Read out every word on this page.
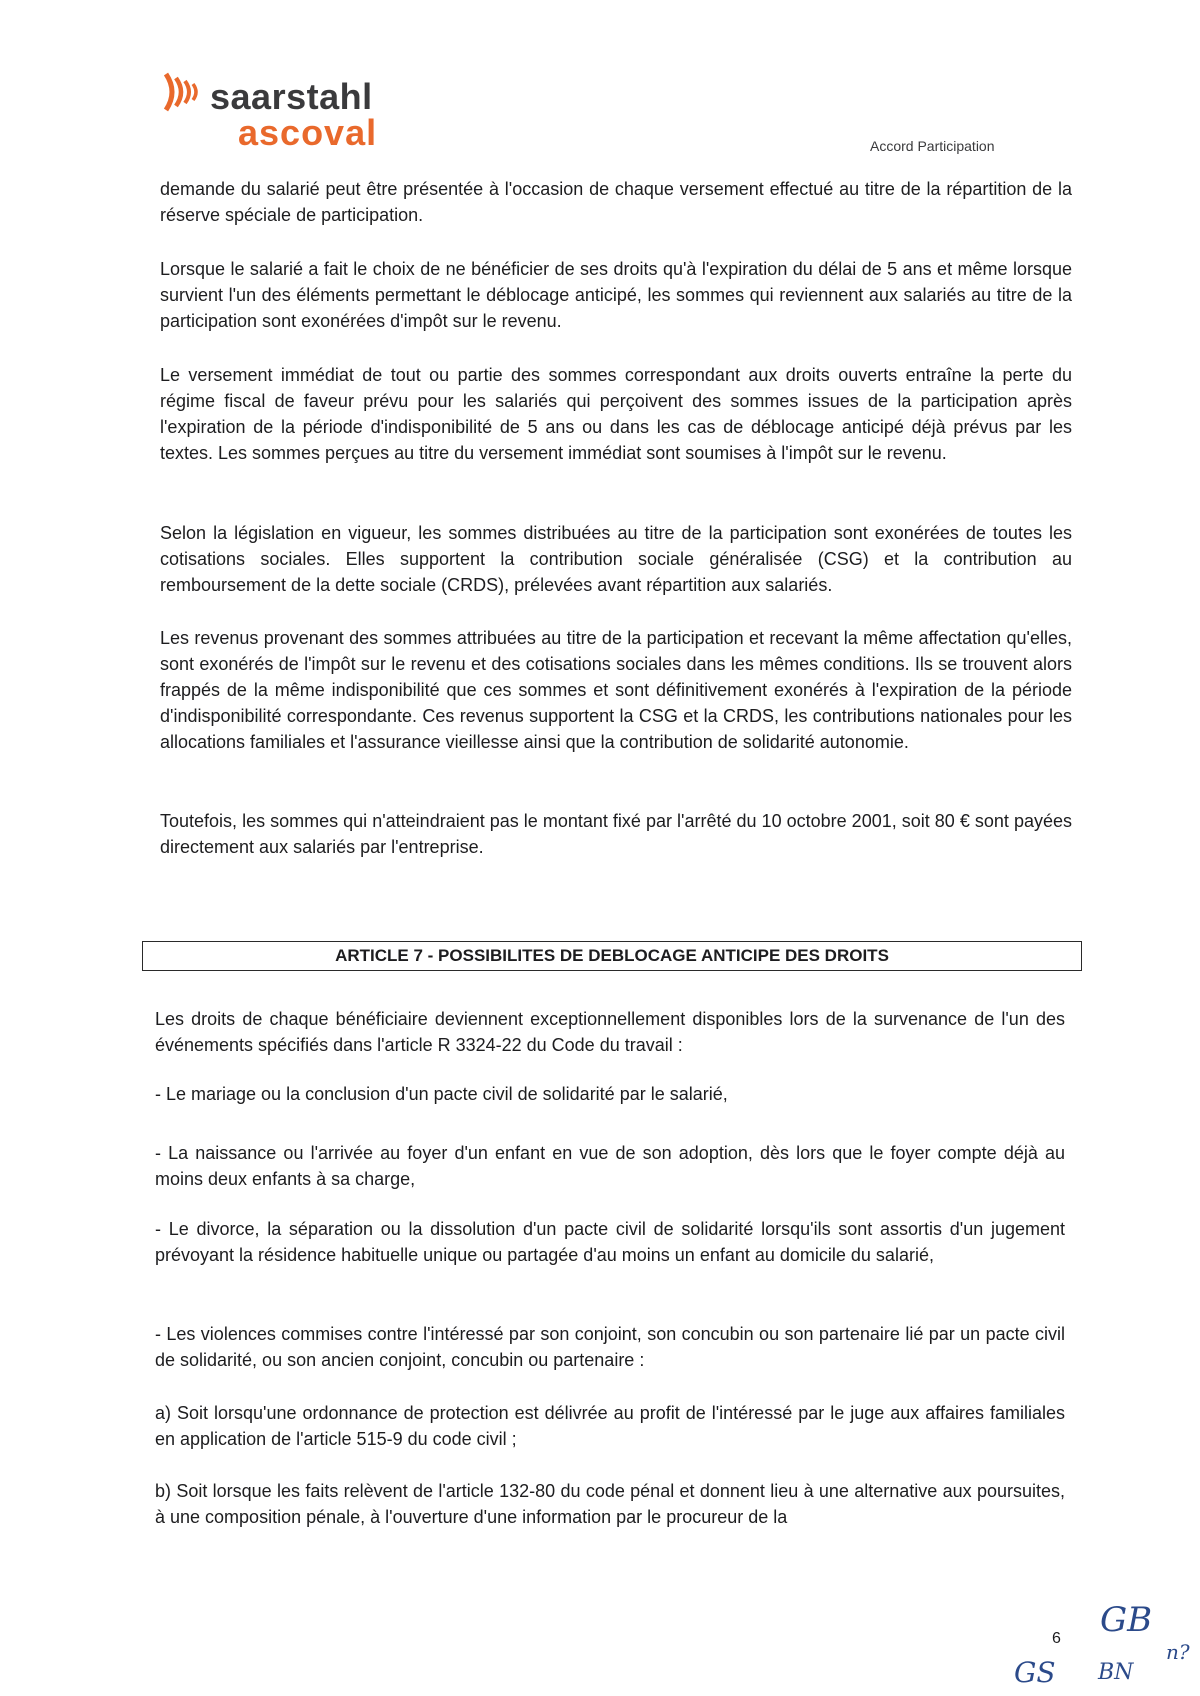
saarstahl
ascoval	Accord Participation

demande du salarié peut être présentée à l'occasion de chaque versement effectué au titre de la répartition de la réserve spéciale de participation.

Lorsque le salarié a fait le choix de ne bénéficier de ses droits qu'à l'expiration du délai de 5 ans et même lorsque survient l'un des éléments permettant le déblocage anticipé, les sommes qui reviennent aux salariés au titre de la participation sont exonérées d'impôt sur le revenu.

Le versement immédiat de tout ou partie des sommes correspondant aux droits ouverts entraîne la perte du régime fiscal de faveur prévu pour les salariés qui perçoivent des sommes issues de la participation après l'expiration de la période d'indisponibilité de 5 ans ou dans les cas de déblocage anticipé déjà prévus par les textes. Les sommes perçues au titre du versement immédiat sont soumises à l'impôt sur le revenu.

Selon la législation en vigueur, les sommes distribuées au titre de la participation sont exonérées de toutes les cotisations sociales. Elles supportent la contribution sociale généralisée (CSG) et la contribution au remboursement de la dette sociale (CRDS), prélevées avant répartition aux salariés.

Les revenus provenant des sommes attribuées au titre de la participation et recevant la même affectation qu'elles, sont exonérés de l'impôt sur le revenu et des cotisations sociales dans les mêmes conditions. Ils se trouvent alors frappés de la même indisponibilité que ces sommes et sont définitivement exonérés à l'expiration de la période d'indisponibilité correspondante. Ces revenus supportent la CSG et la CRDS, les contributions nationales pour les allocations familiales et l'assurance vieillesse ainsi que la contribution de solidarité autonomie.

Toutefois, les sommes qui n'atteindraient pas le montant fixé par l'arrêté du 10 octobre 2001, soit 80 € sont payées directement aux salariés par l'entreprise.

ARTICLE 7 - POSSIBILITES DE DEBLOCAGE ANTICIPE DES DROITS

Les droits de chaque bénéficiaire deviennent exceptionnellement disponibles lors de la survenance de l'un des événements spécifiés dans l'article R 3324-22 du Code du travail :

- Le mariage ou la conclusion d'un pacte civil de solidarité par le salarié,

- La naissance ou l'arrivée au foyer d'un enfant en vue de son adoption, dès lors que le foyer compte déjà au moins deux enfants à sa charge,

- Le divorce, la séparation ou la dissolution d'un pacte civil de solidarité lorsqu'ils sont assortis d'un jugement prévoyant la résidence habituelle unique ou partagée d'au moins un enfant au domicile du salarié,

- Les violences commises contre l'intéressé par son conjoint, son concubin ou son partenaire lié par un pacte civil de solidarité, ou son ancien conjoint, concubin ou partenaire :

a) Soit lorsqu'une ordonnance de protection est délivrée au profit de l'intéressé par le juge aux affaires familiales en application de l'article 515-9 du code civil ;

b) Soit lorsque les faits relèvent de l'article 132-80 du code pénal et donnent lieu à une alternative aux poursuites, à une composition pénale, à l'ouverture d'une information par le procureur de la

6 GB
GS BN
n?
